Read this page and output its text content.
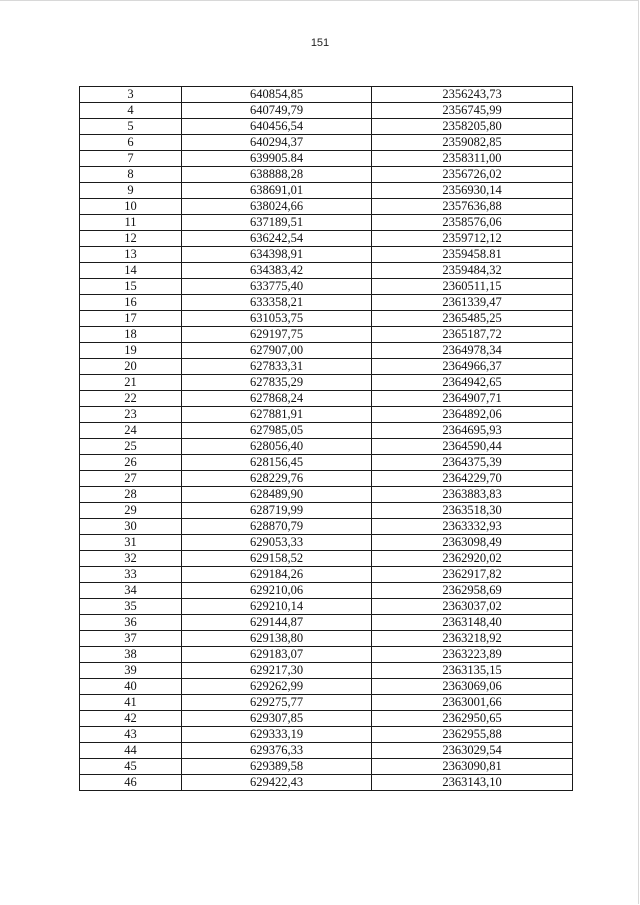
151
3	640854,85	2356243,73
4	640749,79	2356745,99
5	640456,54	2358205,80
6	640294,37	2359082,85
7	639905.84	2358311,00
8	638888,28	2356726,02
9	638691,01	2356930,14
10	638024,66	2357636,88
11	637189,51	2358576,06
12	636242,54	2359712,12
13	634398,91	2359458.81
14	634383,42	2359484,32
15	633775,40	2360511,15
16	633358,21	2361339,47
17	631053,75	2365485,25
18	629197,75	2365187,72
19	627907,00	2364978,34
20	627833,31	2364966,37
21	627835,29	2364942,65
22	627868,24	2364907,71
23	627881,91	2364892,06
24	627985,05	2364695,93
25	628056,40	2364590,44
26	628156,45	2364375,39
27	628229,76	2364229,70
28	628489,90	2363883,83
29	628719,99	2363518,30
30	628870,79	2363332,93
31	629053,33	2363098,49
32	629158,52	2362920,02
33	629184,26	2362917,82
34	629210,06	2362958,69
35	629210,14	2363037,02
36	629144,87	2363148,40
37	629138,80	2363218,92
38	629183,07	2363223,89
39	629217,30	2363135,15
40	629262,99	2363069,06
41	629275,77	2363001,66
42	629307,85	2362950,65
43	629333,19	2362955,88
44	629376,33	2363029,54
45	629389,58	2363090,81
46	629422,43	2363143,10
